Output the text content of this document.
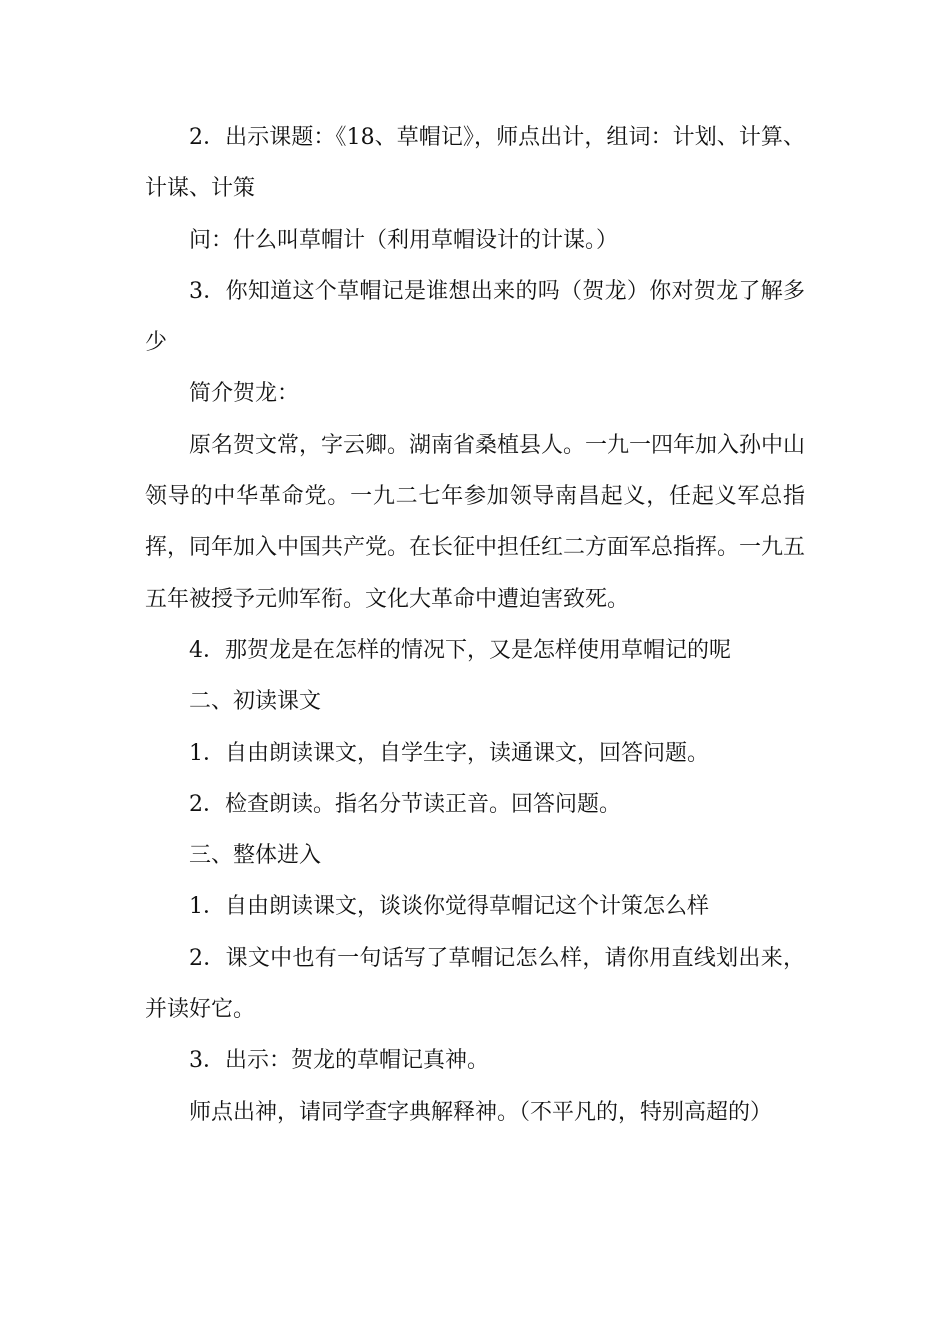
2．出示课题：《18、草帽记》，师点出计，组词：计划、计算、计谋、计策

问：什么叫草帽计（利用草帽设计的计谋。）

3．你知道这个草帽记是谁想出来的吗（贺龙）你对贺龙了解多少

简介贺龙：

原名贺文常，字云卿。湖南省桑植县人。一九一四年加入孙中山领导的中华革命党。一九二七年参加领导南昌起义，任起义军总指挥，同年加入中国共产党。在长征中担任红二方面军总指挥。一九五五年被授予元帅军衔。文化大革命中遭迫害致死。

4．那贺龙是在怎样的情况下，又是怎样使用草帽记的呢

二、初读课文

1．自由朗读课文，自学生字，读通课文，回答问题。

2．检查朗读。指名分节读正音。回答问题。

三、整体进入

1．自由朗读课文，谈谈你觉得草帽记这个计策怎么样

2．课文中也有一句话写了草帽记怎么样，请你用直线划出来，并读好它。

3．出示：贺龙的草帽记真神。

师点出神，请同学查字典解释神。（不平凡的，特别高超的）
